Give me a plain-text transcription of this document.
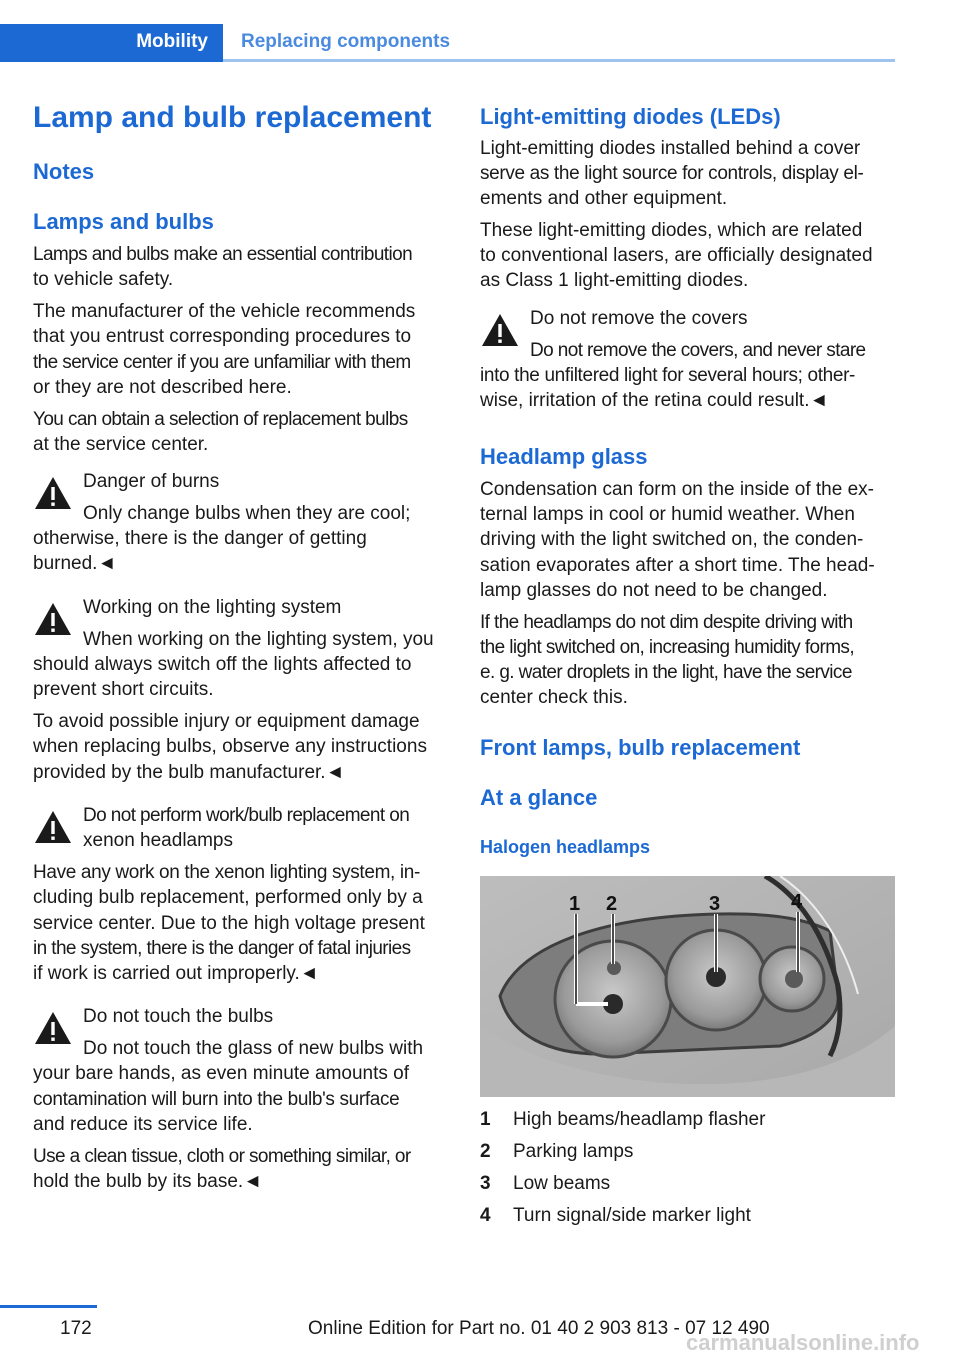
Mobility	Replacing components
Lamp and bulb replacement
Notes
Lamps and bulbs
Lamps and bulbs make an essential contribution
to vehicle safety.
The manufacturer of the vehicle recommends
that you entrust corresponding procedures to
the service center if you are unfamiliar with them
or they are not described here.
You can obtain a selection of replacement bulbs
at the service center.
Danger of burns
Only change bulbs when they are cool;
otherwise, there is the danger of getting
burned.◄
Working on the lighting system
When working on the lighting system, you
should always switch off the lights affected to
prevent short circuits.
To avoid possible injury or equipment damage
when replacing bulbs, observe any instructions
provided by the bulb manufacturer.◄
Do not perform work/bulb replacement on
xenon headlamps
Have any work on the xenon lighting system, in‐
cluding bulb replacement, performed only by a
service center. Due to the high voltage present
in the system, there is the danger of fatal injuries
if work is carried out improperly.◄
Do not touch the bulbs
Do not touch the glass of new bulbs with
your bare hands, as even minute amounts of
contamination will burn into the bulb's surface
and reduce its service life.
Use a clean tissue, cloth or something similar, or
hold the bulb by its base.◄
Light-emitting diodes (LEDs)
Light-emitting diodes installed behind a cover
serve as the light source for controls, display el‐
ements and other equipment.
These light-emitting diodes, which are related
to conventional lasers, are officially designated
as Class 1 light-emitting diodes.
Do not remove the covers
Do not remove the covers, and never stare
into the unfiltered light for several hours; other‐
wise, irritation of the retina could result.◄
Headlamp glass
Condensation can form on the inside of the ex‐
ternal lamps in cool or humid weather. When
driving with the light switched on, the conden‐
sation evaporates after a short time. The head‐
lamp glasses do not need to be changed.
If the headlamps do not dim despite driving with
the light switched on, increasing humidity forms,
e. g. water droplets in the light, have the service
center check this.
Front lamps, bulb replacement
At a glance
Halogen headlamps
1 2	3	4
1 High beams/headlamp flasher
2 Parking lamps
3 Low beams
4 Turn signal/side marker light
172	Online Edition for Part no. 01 40 2 903 813 - 07 12 490
carmanualsonline.info
